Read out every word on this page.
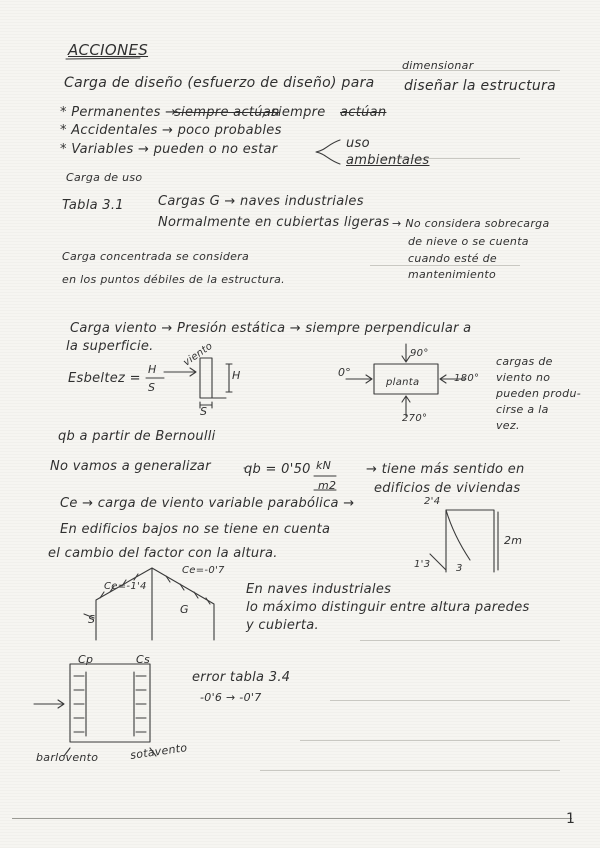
ACCIONES
Carga de diseño (esfuerzo de diseño) para diseñar la estructura
dimensionar
* Permanentes →
siempre actúan
, siempre actúan
* Accidentales → poco probables
* Variables → pueden o no estar	uso
ambientales
Carga de uso
Tabla 3.1	Cargas G → naves industriales
Normalmente en cubiertas ligeras → No considera sobrecarga
de nieve o se cuenta
cuando esté de
mantenimiento
Carga concentrada se considera
en los puntos débiles de la estructura.
Carga viento → Presión estática → siempre perpendicular a
la superficie.
Esbeltez =
H
S
viento
H
S
0°
90°
planta	180°
270°
cargas de
viento no
pueden produ-
cirse a la
vez.
qb a partir de Bernoulli
No vamos a generalizar	qb = 0'50 kN
m2
→ tiene más sentido en
edificios de viviendas
Ce → carga de viento variable parabólica →
En edificios bajos no se tiene en cuenta
el cambio del factor con la altura.
2'4
2m
1'3	3
Ce=-1'4
Ce=-0'7
S
G
En naves industriales
lo máximo distinguir entre altura paredes
y cubierta.
Cp	Cs
error tabla 3.4
-0'6 → -0'7
barlovento	sotavento
1
